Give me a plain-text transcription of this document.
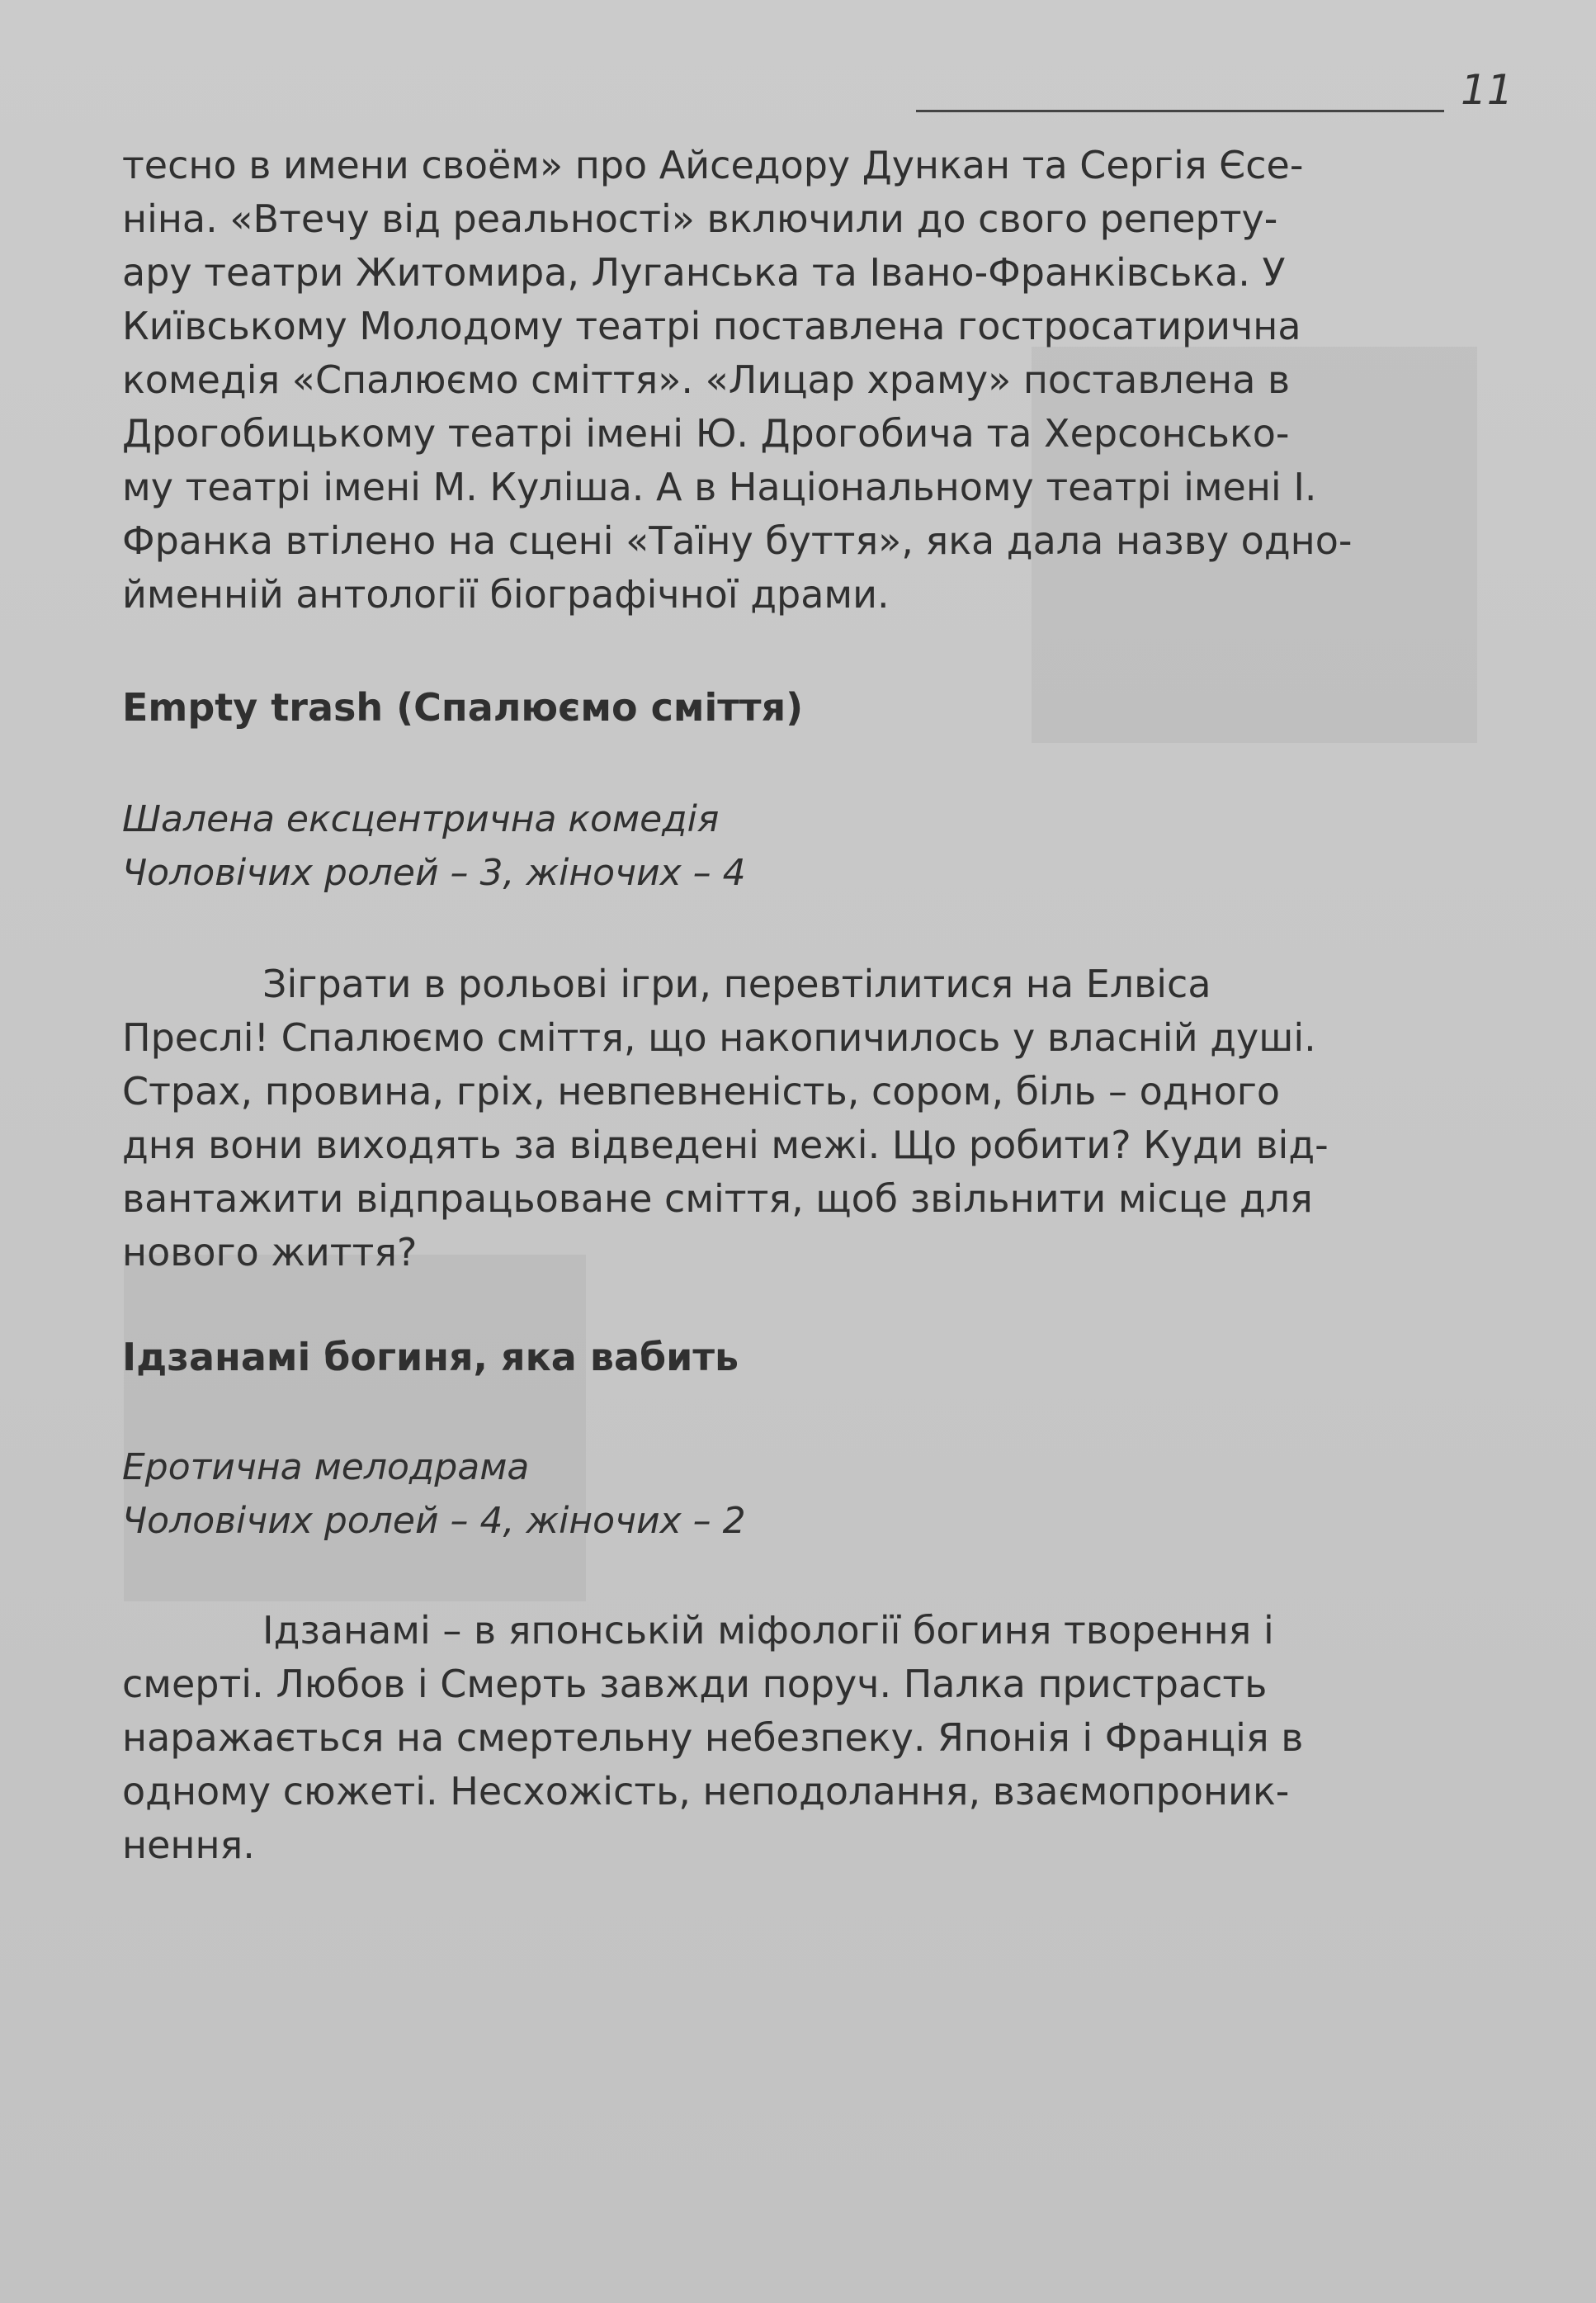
11

тесно в имени своём» про Айседору Дункан та Сергія Єсе-
ніна. «Втечу від реальності» включили до свого реперту-
ару театри Житомира, Луганська та Івано-Франківська. У
Київському Молодому театрі поставлена гостросатирична
комедія «Спалюємо сміття». «Лицар храму» поставлена в
Дрогобицькому театрі імені Ю. Дрогобича та Херсонсько-
му театрі імені М. Куліша. А в Національному театрі імені І.
Франка втілено на сцені «Таїну буття», яка дала назву одно-
йменній антології біографічної драми.

Empty trash (Спалюємо сміття)

Шалена ексцентрична комедія
Чоловічих ролей – 3, жіночих – 4

Зіграти в рольові ігри, перевтілитися на Елвіса
Преслі! Спалюємо сміття, що накопичилось у власній душі.
Страх, провина, гріх, невпевненість, сором, біль – одного
дня вони виходять за відведені межі. Що робити? Куди від-
вантажити відпрацьоване сміття, щоб звільнити місце для
нового життя?

Ідзанамі богиня, яка вабить

Еротична мелодрама
Чоловічих ролей – 4, жіночих – 2

Ідзанамі – в японській міфології богиня творення і
смерті. Любов і Смерть завжди поруч. Палка пристрасть
наражається на смертельну небезпеку. Японія і Франція в
одному сюжеті. Несхожість, неподолання, взаємопроник-
нення.
